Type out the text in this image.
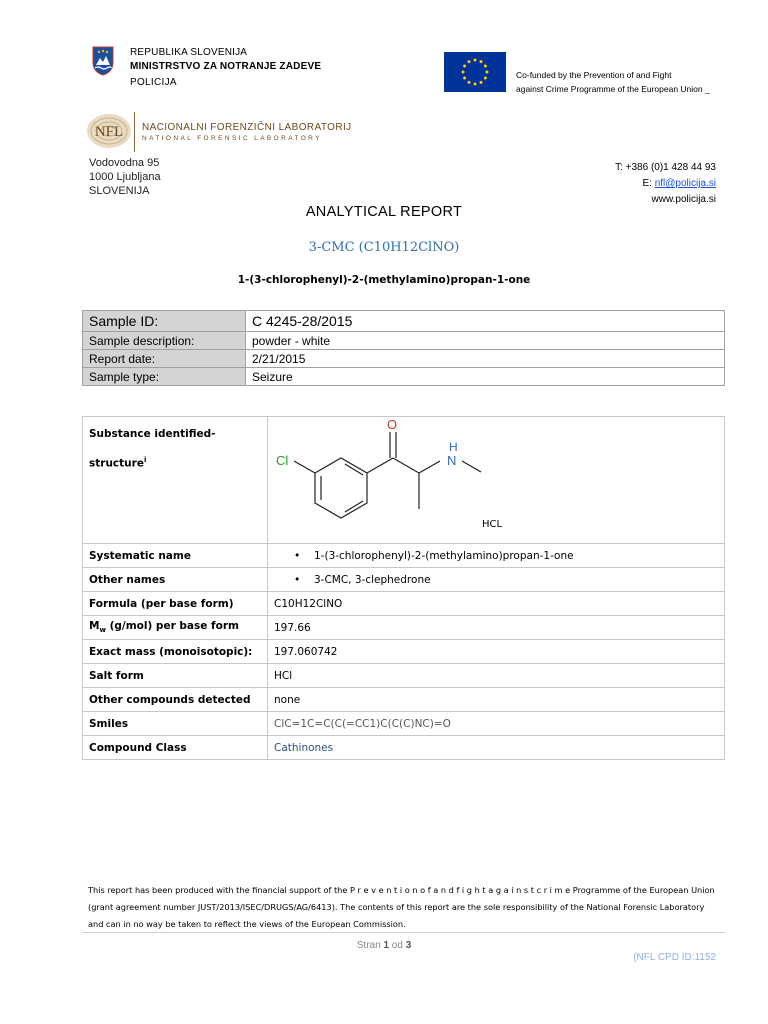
REPUBLIKA SLOVENIJA
MINISTRSTVO ZA NOTRANJE ZADEVE
POLICIJA
Co-funded by the Prevention of and Fight
against Crime Programme of the European Union _
NFL NACIONALNI FORENZIČNI LABORATORIJ
NATIONAL FORENSIC LABORATORY
Vodovodna 95
1000 Ljubljana
SLOVENIJA
T: +386 (0)1 428 44 93
E: nfl@policija.si
www.policija.si
ANALYTICAL REPORT
3-CMC (C10H12ClNO)
1-(3-chlorophenyl)-2-(methylamino)propan-1-one
Sample ID:	C 4245-28/2015
Sample description:	powder - white
Report date:	2/21/2015
Sample type:	Seizure
Substance identified-
structure$^i$	O
Cl
H
N
HCL

Systematic name	• 1-(3-chlorophenyl)-2-(methylamino)propan-1-one
Other names	• 3-CMC, 3-clephedrone
Formula (per base form)	C10H12ClNO
$M_w$ (g/mol) per base form	197.66
Exact mass (monoisotopic):	197.060742
Salt form	HCl
Other compounds detected	none
Smiles	ClC=1C=C(C(=CC1)C(C(C)NC)=O
Compound Class	Cathinones
This report has been produced with the financial support of the P r e v e n t i o n o f a n d f i g h t a g a i n s t c r i m e Programme of the European Union (grant agreement number JUST/2013/ISEC/DRUGS/AG/6413). The contents of this report are the sole responsibility of the National Forensic Laboratory and can in no way be taken to reflect the views of the European Commission.
Stran 1 od 3
(NFL CPD ID:1152
